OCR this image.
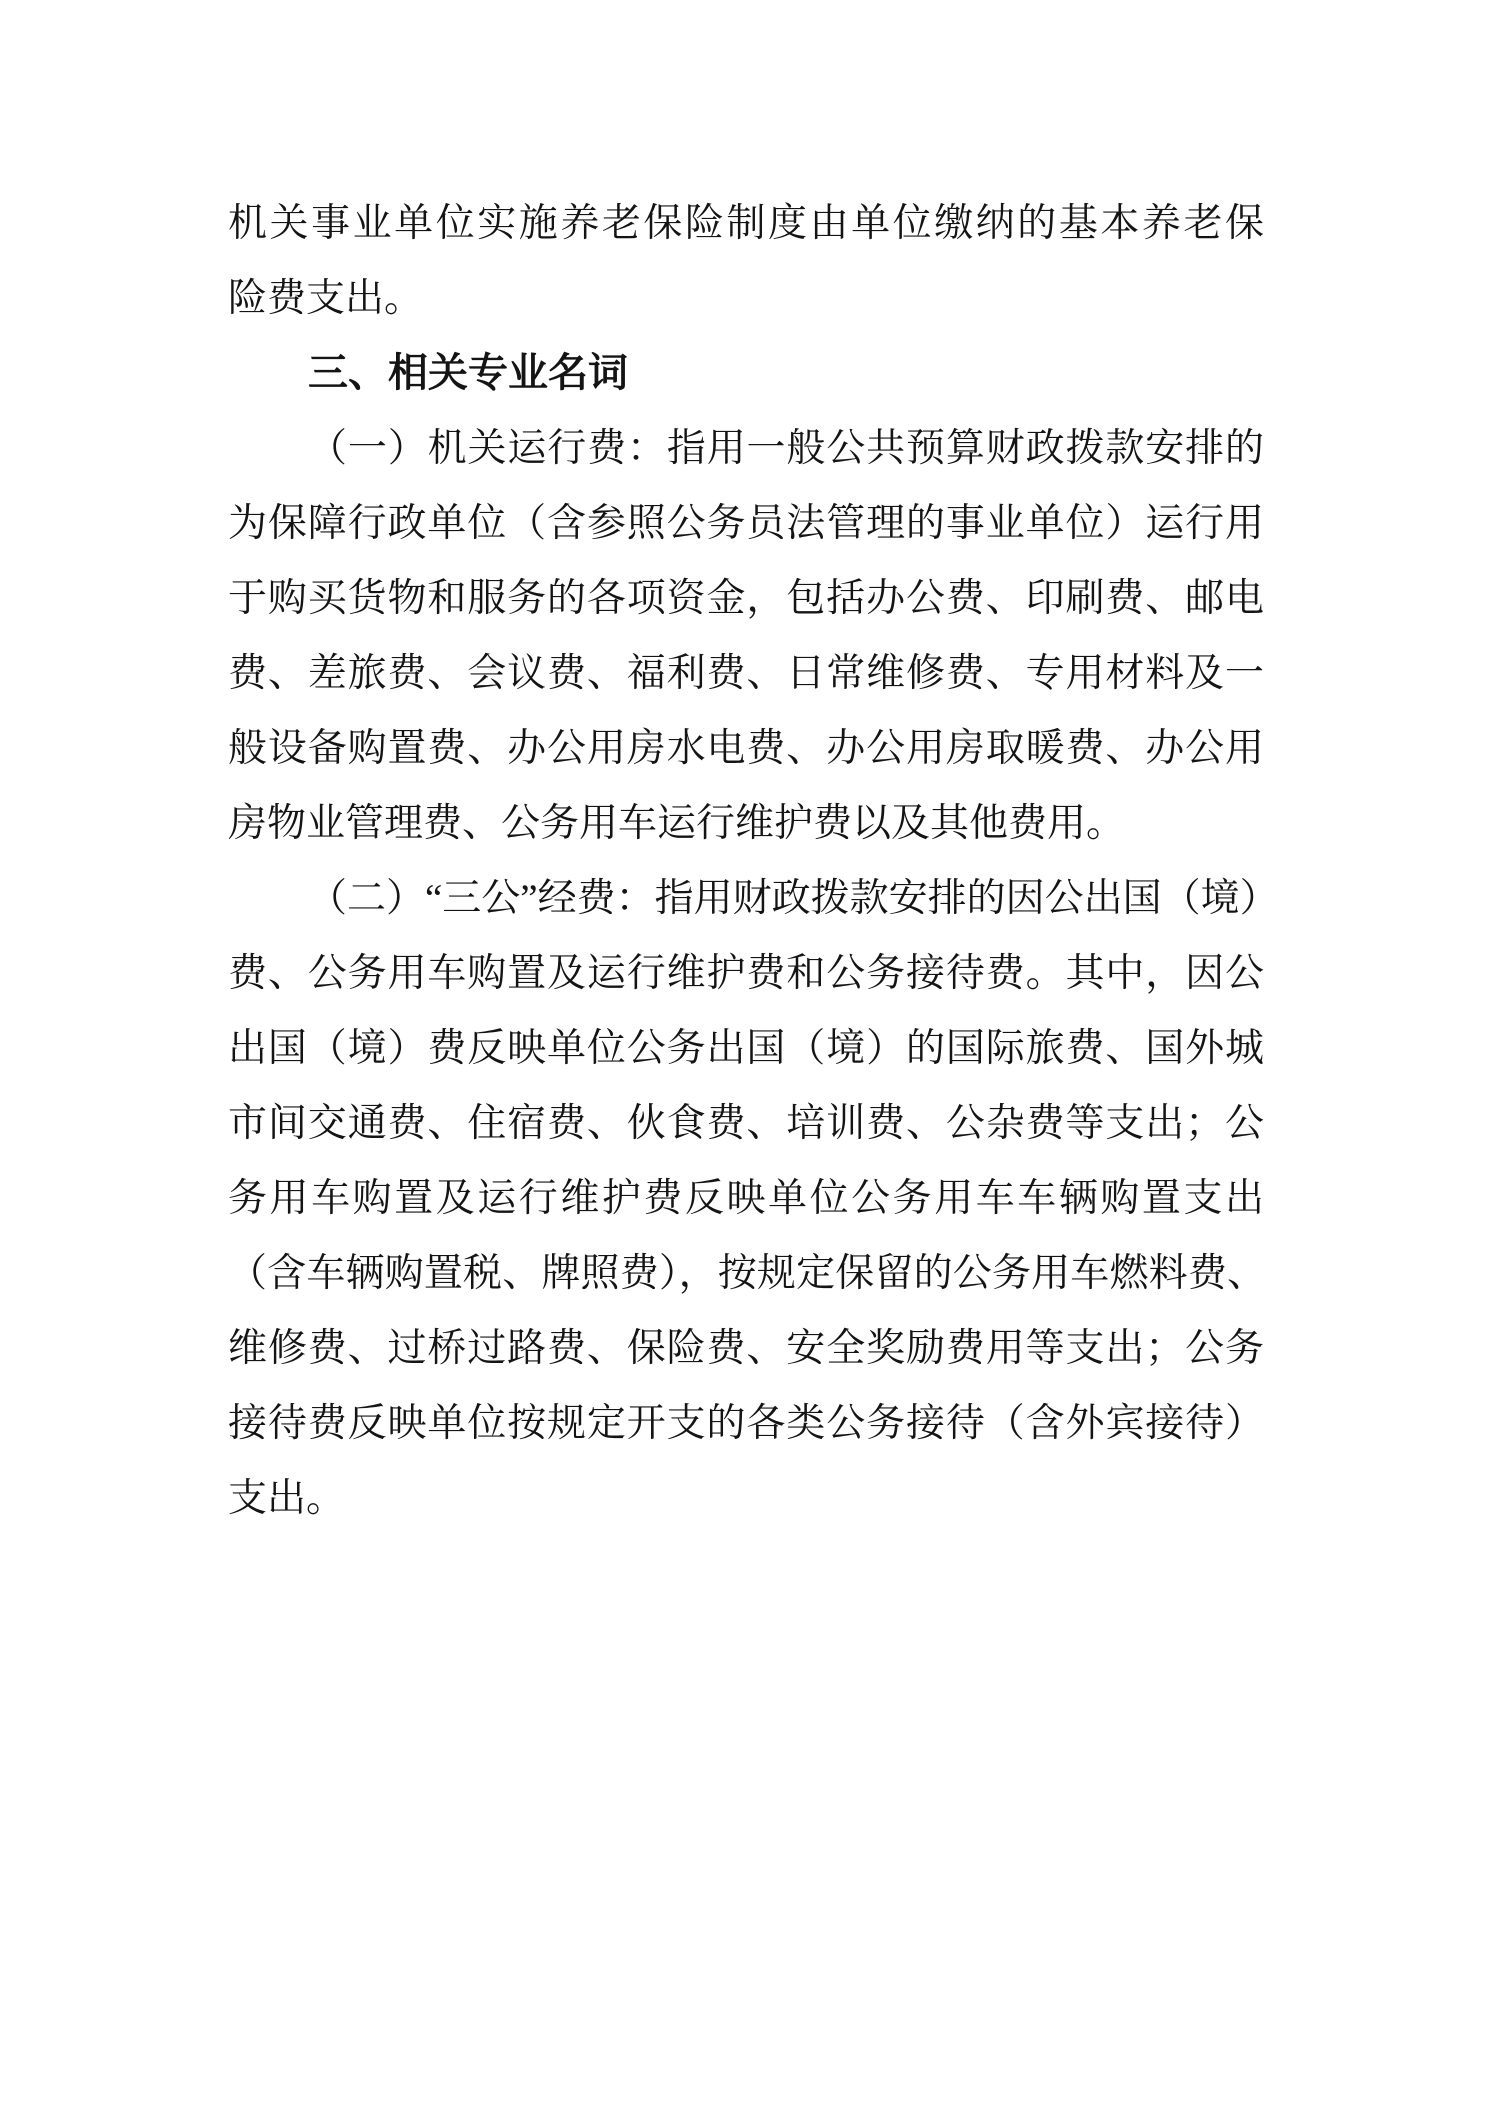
机关事业单位实施养老保险制度由单位缴纳的基本养老保
险费支出。
三、相关专业名词
（一）机关运行费：指用一般公共预算财政拨款安排的
为保障行政单位（含参照公务员法管理的事业单位）运行用
于购买货物和服务的各项资金，包括办公费、印刷费、邮电
费、差旅费、会议费、福利费、日常维修费、专用材料及一
般设备购置费、办公用房水电费、办公用房取暖费、办公用
房物业管理费、公务用车运行维护费以及其他费用。
（二）“三公”经费：指用财政拨款安排的因公出国（境）
费、公务用车购置及运行维护费和公务接待费。其中，因公
出国（境）费反映单位公务出国（境）的国际旅费、国外城
市间交通费、住宿费、伙食费、培训费、公杂费等支出；公
务用车购置及运行维护费反映单位公务用车车辆购置支出
（含车辆购置税、牌照费），按规定保留的公务用车燃料费、
维修费、过桥过路费、保险费、安全奖励费用等支出；公务
接待费反映单位按规定开支的各类公务接待（含外宾接待）
支出。
